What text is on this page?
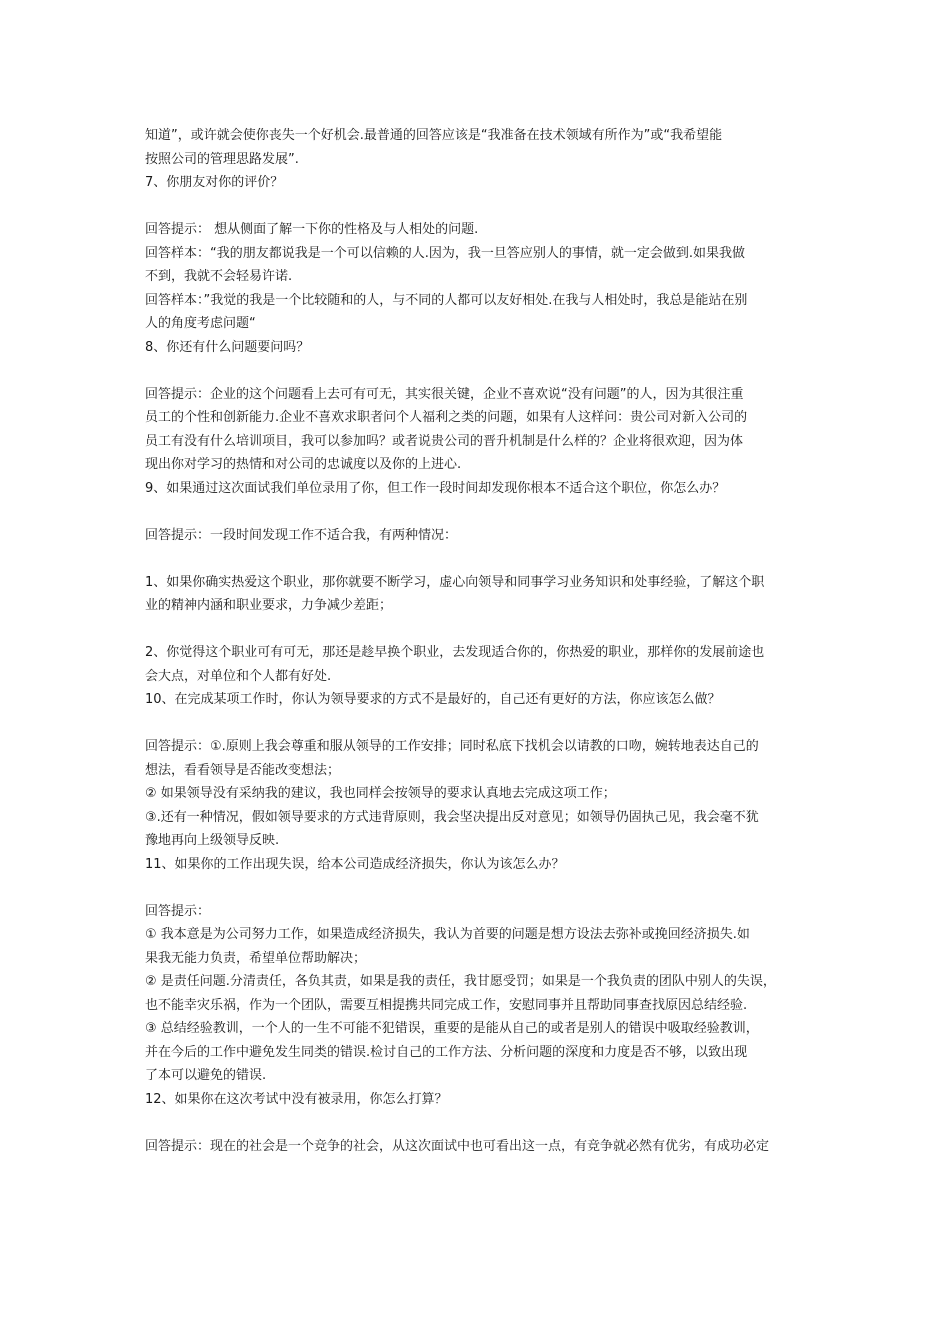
知道”，或许就会使你丧失一个好机会.最普通的回答应该是“我准备在技术领域有所作为”或“我希望能
按照公司的管理思路发展”.
7、你朋友对你的评价？
回答提示： 想从侧面了解一下你的性格及与人相处的问题.
回答样本：“我的朋友都说我是一个可以信赖的人.因为，我一旦答应别人的事情，就一定会做到.如果我做
不到，我就不会轻易许诺.
回答样本：”我觉的我是一个比较随和的人，与不同的人都可以友好相处.在我与人相处时，我总是能站在别
人的角度考虑问题“
8、你还有什么问题要问吗？
回答提示：企业的这个问题看上去可有可无，其实很关键，企业不喜欢说“没有问题”的人，因为其很注重
员工的个性和创新能力.企业不喜欢求职者问个人福利之类的问题，如果有人这样问：贵公司对新入公司的
员工有没有什么培训项目，我可以参加吗？或者说贵公司的晋升机制是什么样的？企业将很欢迎，因为体
现出你对学习的热情和对公司的忠诚度以及你的上进心.
9、如果通过这次面试我们单位录用了你，但工作一段时间却发现你根本不适合这个职位，你怎么办？
回答提示：一段时间发现工作不适合我，有两种情况：
1、如果你确实热爱这个职业，那你就要不断学习，虚心向领导和同事学习业务知识和处事经验，了解这个职
业的精神内涵和职业要求，力争减少差距；
2、你觉得这个职业可有可无，那还是趁早换个职业，去发现适合你的，你热爱的职业，那样你的发展前途也
会大点，对单位和个人都有好处.
10、在完成某项工作时，你认为领导要求的方式不是最好的，自己还有更好的方法，你应该怎么做？
回答提示：①.原则上我会尊重和服从领导的工作安排；同时私底下找机会以请教的口吻，婉转地表达自己的
想法，看看领导是否能改变想法；
② 如果领导没有采纳我的建议，我也同样会按领导的要求认真地去完成这项工作；
③.还有一种情况，假如领导要求的方式违背原则，我会坚决提出反对意见；如领导仍固执己见，我会毫不犹
豫地再向上级领导反映.
11、如果你的工作出现失误，给本公司造成经济损失，你认为该怎么办？
回答提示：
① 我本意是为公司努力工作，如果造成经济损失，我认为首要的问题是想方设法去弥补或挽回经济损失.如
果我无能力负责，希望单位帮助解决；
② 是责任问题.分清责任，各负其责，如果是我的责任，我甘愿受罚；如果是一个我负责的团队中别人的失误，
也不能幸灾乐祸，作为一个团队，需要互相提携共同完成工作，安慰同事并且帮助同事查找原因总结经验.
③ 总结经验教训，一个人的一生不可能不犯错误，重要的是能从自己的或者是别人的错误中吸取经验教训，
并在今后的工作中避免发生同类的错误.检讨自己的工作方法、分析问题的深度和力度是否不够，以致出现
了本可以避免的错误.
12、如果你在这次考试中没有被录用，你怎么打算？
回答提示：现在的社会是一个竞争的社会，从这次面试中也可看出这一点，有竞争就必然有优劣，有成功必定
